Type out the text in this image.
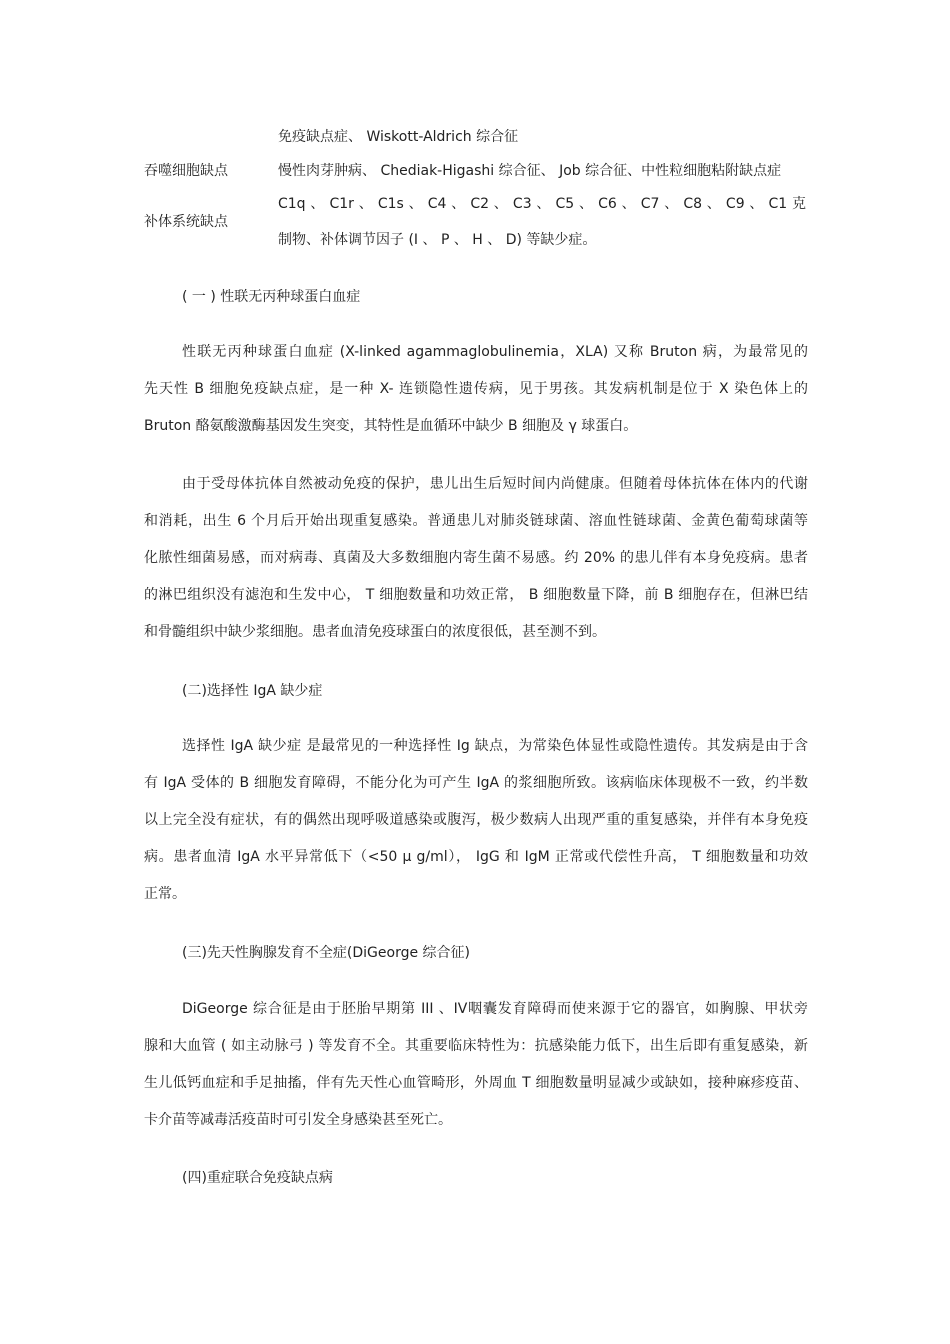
免疫缺点症、 Wiskott-Aldrich 综合征
吞噬细胞缺点	慢性肉芽肿病、 Chediak-Higashi 综合征、 Job 综合征、中性粒细胞粘附缺点症
补体系统缺点
C1q 、 C1r 、 C1s 、 C4 、 C2 、 C3 、 C5 、 C6 、 C7 、 C8 、 C9 、 C1 克
制物、补体调节因子 (I 、 P 、 H 、 D) 等缺少症。
( 一 ) 性联无丙种球蛋白血症
性联无丙种球蛋白血症 (X-linked agammaglobulinemia，XLA) 又称 Bruton 病，为最常见的
先天性 B 细胞免疫缺点症，是一种 X- 连锁隐性遗传病，见于男孩。其发病机制是位于 X 染色体上的
Bruton 酪氨酸激酶基因发生突变，其特性是血循环中缺少 B 细胞及 γ 球蛋白。
由于受母体抗体自然被动免疫的保护，患儿出生后短时间内尚健康。但随着母体抗体在体内的代谢
和消耗，出生 6 个月后开始出现重复感染。普通患儿对肺炎链球菌、溶血性链球菌、金黄色葡萄球菌等
化脓性细菌易感，而对病毒、真菌及大多数细胞内寄生菌不易感。约 20% 的患儿伴有本身免疫病。患者
的淋巴组织没有滤泡和生发中心， T 细胞数量和功效正常， B 细胞数量下降，前 B 细胞存在，但淋巴结
和骨髓组织中缺少浆细胞。患者血清免疫球蛋白的浓度很低，甚至测不到。
(二)选择性 IgA 缺少症
选择性 IgA 缺少症 是最常见的一种选择性 Ig 缺点，为常染色体显性或隐性遗传。其发病是由于含
有 IgA 受体的 B 细胞发育障碍，不能分化为可产生 IgA 的浆细胞所致。该病临床体现极不一致，约半数
以上完全没有症状，有的偶然出现呼吸道感染或腹泻，极少数病人出现严重的重复感染，并伴有本身免疫
病。患者血清 IgA 水平异常低下（<50 μ g/ml）， IgG 和 IgM 正常或代偿性升高， T 细胞数量和功效
正常。
(三)先天性胸腺发育不全症(DiGeorge 综合征)
DiGeorge 综合征是由于胚胎早期第 III 、IV咽囊发育障碍而使来源于它的器官，如胸腺、甲状旁
腺和大血管 ( 如主动脉弓 ) 等发育不全。其重要临床特性为：抗感染能力低下，出生后即有重复感染，新
生儿低钙血症和手足抽搐，伴有先天性心血管畸形，外周血 T 细胞数量明显减少或缺如，接种麻疹疫苗、
卡介苗等减毒活疫苗时可引发全身感染甚至死亡。
(四)重症联合免疫缺点病
